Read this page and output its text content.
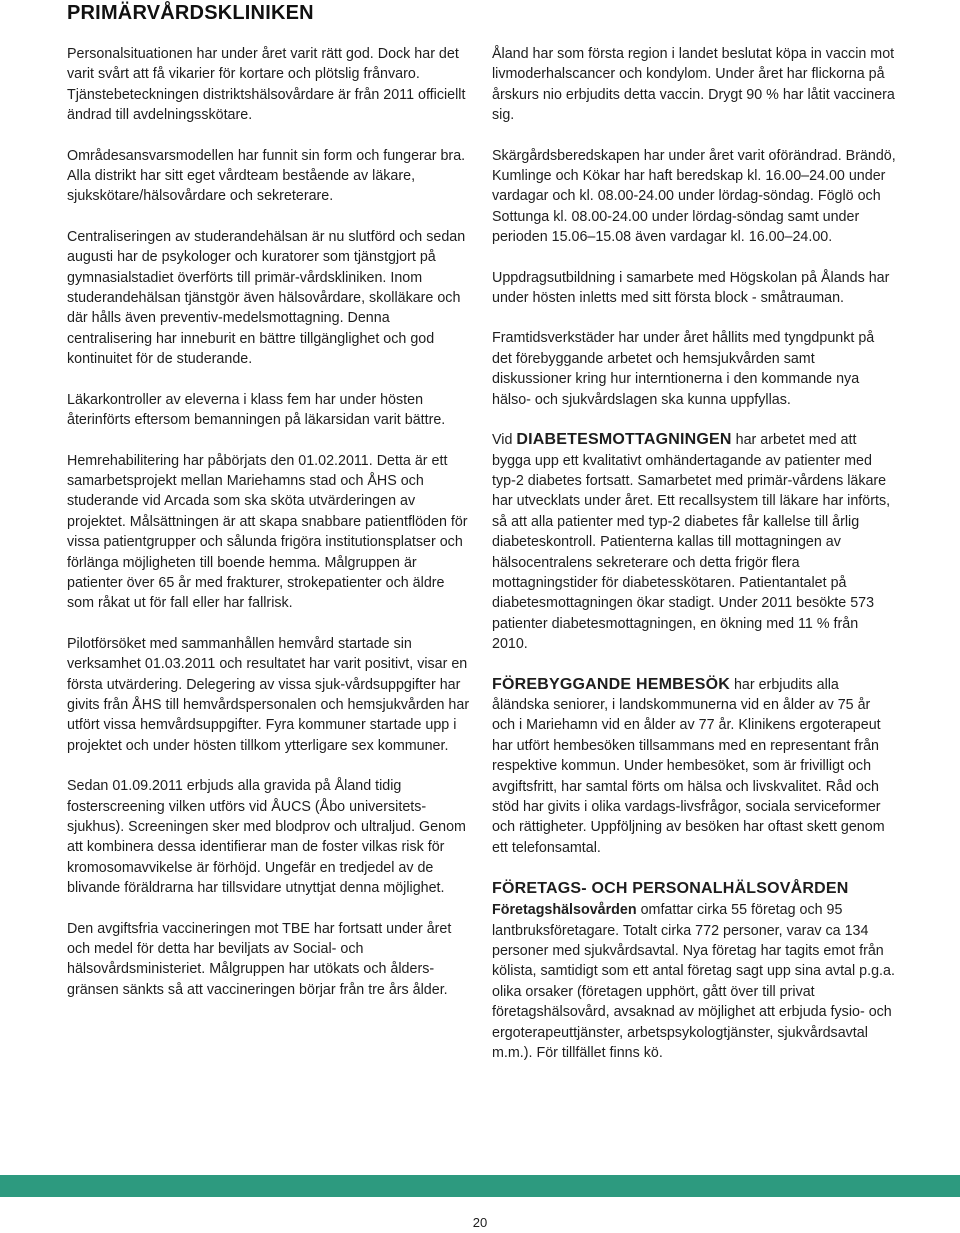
PRIMÄRVÅRDSKLINIKEN

Personalsituationen har under året varit rätt god. Dock har det varit svårt att få vikarier för kortare och plötslig frånvaro. Tjänstebeteckningen distriktshälsovårdare är från 2011 officiellt ändrad till avdelningsskötare.

Områdesansvarsmodellen har funnit sin form och fungerar bra. Alla distrikt har sitt eget vårdteam bestående av läkare, sjukskötare/hälsovårdare och sekreterare.

Centraliseringen av studerandehälsan är nu slutförd och sedan augusti har de psykologer och kuratorer som tjänstgjort på gymnasialstadiet överförts till primär-vårdskliniken. Inom studerandehälsan tjänstgör även hälsovårdare, skolläkare och där hålls även preventiv-medelsmottagning. Denna centralisering har inneburit en bättre tillgänglighet och god kontinuitet för de studerande.

Läkarkontroller av eleverna i klass fem har under hösten återinförts eftersom bemanningen på läkarsidan varit bättre.

Hemrehabilitering har påbörjats den 01.02.2011. Detta är ett samarbetsprojekt mellan Mariehamns stad och ÅHS och studerande vid Arcada som ska sköta utvärderingen av projektet. Målsättningen är att skapa snabbare patientflöden för vissa patientgrupper och sålunda frigöra institutionsplatser och förlänga möjligheten till boende hemma. Målgruppen är patienter över 65 år med frakturer, strokepatienter och äldre som råkat ut för fall eller har fallrisk.

Pilotförsöket med sammanhållen hemvård startade sin verksamhet 01.03.2011 och resultatet har varit positivt, visar en första utvärdering. Delegering av vissa sjuk-vårdsuppgifter har givits från ÅHS till hemvårdspersonalen och hemsjukvården har utfört vissa hemvårdsuppgifter. Fyra kommuner startade upp i projektet och under hösten tillkom ytterligare sex kommuner.

Sedan 01.09.2011 erbjuds alla gravida på Åland tidig fosterscreening vilken utförs vid ÅUCS (Åbo universitets-sjukhus). Screeningen sker med blodprov och ultraljud. Genom att kombinera dessa identifierar man de foster vilkas risk för kromosomavvikelse är förhöjd. Ungefär en tredjedel av de blivande föräldrarna har tillsvidare utnyttjat denna möjlighet.

Den avgiftsfria vaccineringen mot TBE har fortsatt under året och medel för detta har beviljats av Social- och hälsovårdsministeriet. Målgruppen har utökats och ålders-gränsen sänkts så att vaccineringen börjar från tre års ålder.

Åland har som första region i landet beslutat köpa in vaccin mot livmoderhalscancer och kondylom. Under året har flickorna på årskurs nio erbjudits detta vaccin. Drygt 90 % har låtit vaccinera sig.

Skärgårdsberedskapen har under året varit oförändrad. Brändö, Kumlinge och Kökar har haft beredskap kl. 16.00–24.00 under vardagar och kl. 08.00-24.00 under lördag-söndag. Föglö och Sottunga kl. 08.00-24.00 under lördag-söndag samt under perioden 15.06–15.08 även vardagar kl. 16.00–24.00.

Uppdragsutbildning i samarbete med Högskolan på Ålands har under hösten inletts med sitt första block - småtrauman.

Framtidsverkstäder har under året hållits med tyngdpunkt på det förebyggande arbetet och hemsjukvården samt diskussioner kring hur interntionerna i den kommande nya hälso- och sjukvårdslagen ska kunna uppfyllas.

Vid DIABETESMOTTAGNINGEN har arbetet med att bygga upp ett kvalitativt omhändertagande av patienter med typ-2 diabetes fortsatt. Samarbetet med primär-vårdens läkare har utvecklats under året. Ett recallsystem till läkare har införts, så att alla patienter med typ-2 diabetes får kallelse till årlig diabeteskontroll. Patienterna kallas till mottagningen av hälsocentralens sekreterare och detta frigör flera mottagningstider för diabetesskötaren. Patientantalet på diabetesmottagningen ökar stadigt. Under 2011 besökte 573 patienter diabetesmottagningen, en ökning med 11 % från 2010.

FÖREBYGGANDE HEMBESÖK har erbjudits alla åländska seniorer, i landskommunerna vid en ålder av 75 år och i Mariehamn vid en ålder av 77 år. Klinikens ergoterapeut har utfört hembesöken tillsammans med en representant från respektive kommun. Under hembesöket, som är frivilligt och avgiftsfritt, har samtal förts om hälsa och livskvalitet. Råd och stöd har givits i olika vardags-livsfrågor, sociala serviceformer och rättigheter. Uppföljning av besöken har oftast skett genom ett telefonsamtal.

FÖRETAGS- OCH PERSONALHÄLSOVÅRDEN
Företagshälsovården omfattar cirka 55 företag och 95 lantbruksföretagare. Totalt cirka 772 personer, varav ca 134 personer med sjukvårdsavtal. Nya företag har tagits emot från kölista, samtidigt som ett antal företag sagt upp sina avtal p.g.a. olika orsaker (företagen upphört, gått över till privat företagshälsovård, avsaknad av möjlighet att erbjuda fysio- och ergoterapeuttjänster, arbetspsykologtjänster, sjukvårdsavtal m.m.). För tillfället finns kö.

20
